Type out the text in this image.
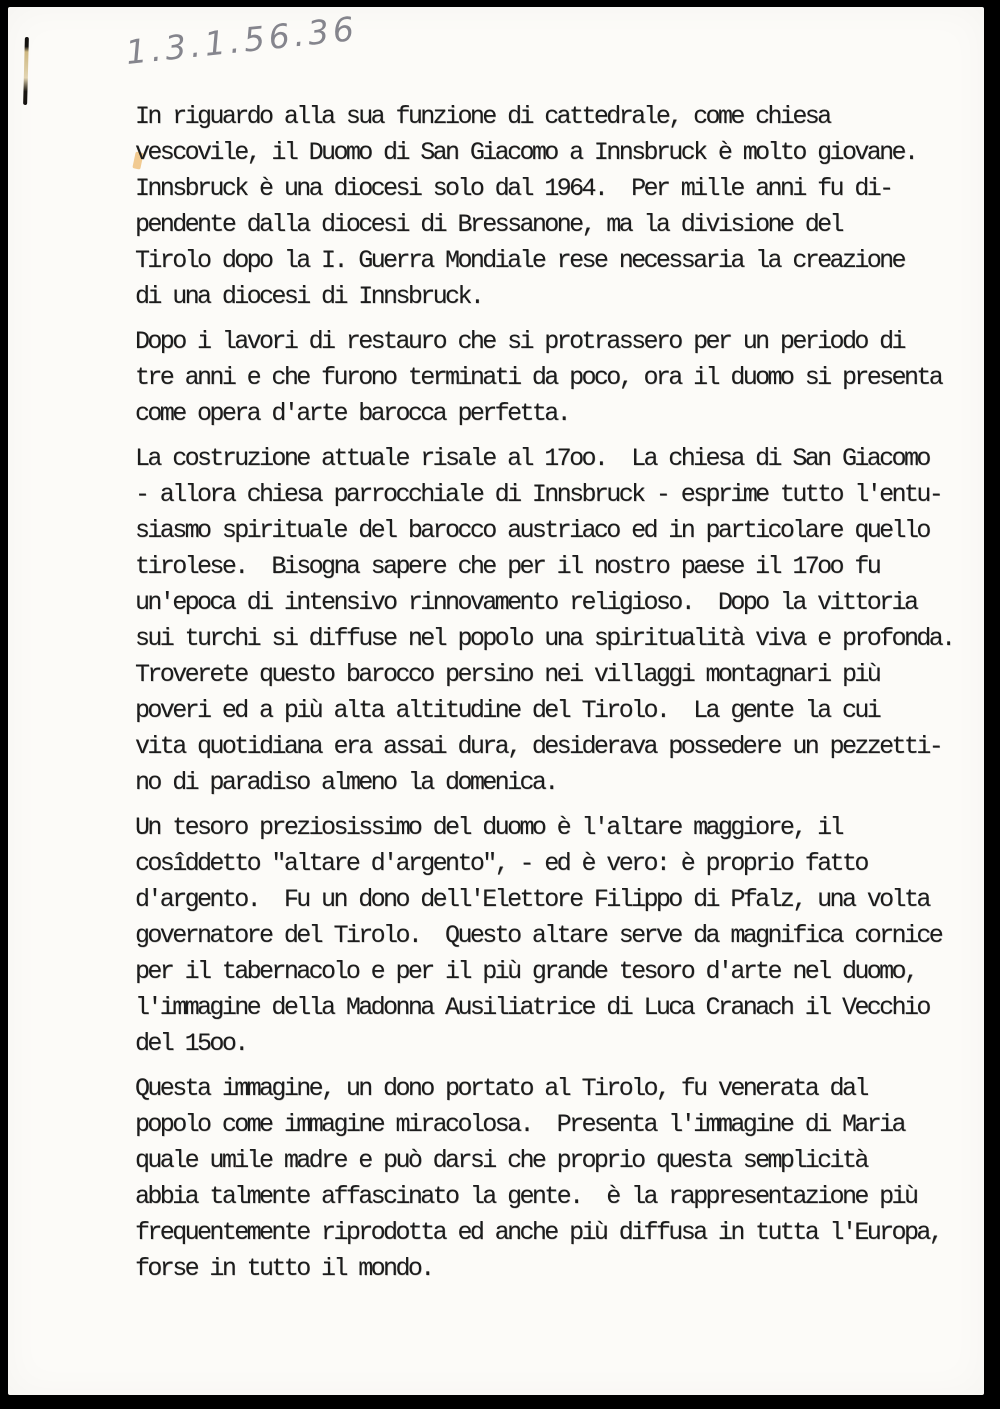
1.3.1.56.36
In riguardo alla sua funzione di cattedrale, come chiesa
vescovile, il Duomo di San Giacomo a Innsbruck è molto giovane.
Innsbruck è una diocesi solo dal 1964.  Per mille anni fu di-
pendente dalla diocesi di Bressanone, ma la divisione del
Tirolo dopo la I. Guerra Mondiale rese necessaria la creazione
di una diocesi di Innsbruck.
Dopo i lavori di restauro che si protrassero per un periodo di
tre anni e che furono terminati da poco, ora il duomo si presenta
come opera d'arte barocca perfetta.
La costruzione attuale risale al 17oo.  La chiesa di San Giacomo
- allora chiesa parrocchiale di Innsbruck - esprime tutto l'entu-
siasmo spirituale del barocco austriaco ed in particolare quello
tirolese.  Bisogna sapere che per il nostro paese il 17oo fu
un'epoca di intensivo rinnovamento religioso.  Dopo la vittoria
sui turchi si diffuse nel popolo una spiritualità viva e profonda.
Troverete questo barocco persino nei villaggi montagnari più
poveri ed a più alta altitudine del Tirolo.  La gente la cui
vita quotidiana era assai dura, desiderava possedere un pezzetti-
no di paradiso almeno la domenica.
Un tesoro preziosissimo del duomo è l'altare maggiore, il
cosîddetto "altare d'argento", - ed è vero: è proprio fatto
d'argento.  Fu un dono dell'Elettore Filippo di Pfalz, una volta
governatore del Tirolo.  Questo altare serve da magnifica cornice
per il tabernacolo e per il più grande tesoro d'arte nel duomo,
l'immagine della Madonna Ausiliatrice di Luca Cranach il Vecchio
del 15oo.
Questa immagine, un dono portato al Tirolo, fu venerata dal
popolo come immagine miracolosa.  Presenta l'immagine di Maria
quale umile madre e può darsi che proprio questa semplicità
abbia talmente affascinato la gente.  è la rappresentazione più
frequentemente riprodotta ed anche più diffusa in tutta l'Europa,
forse in tutto il mondo.
